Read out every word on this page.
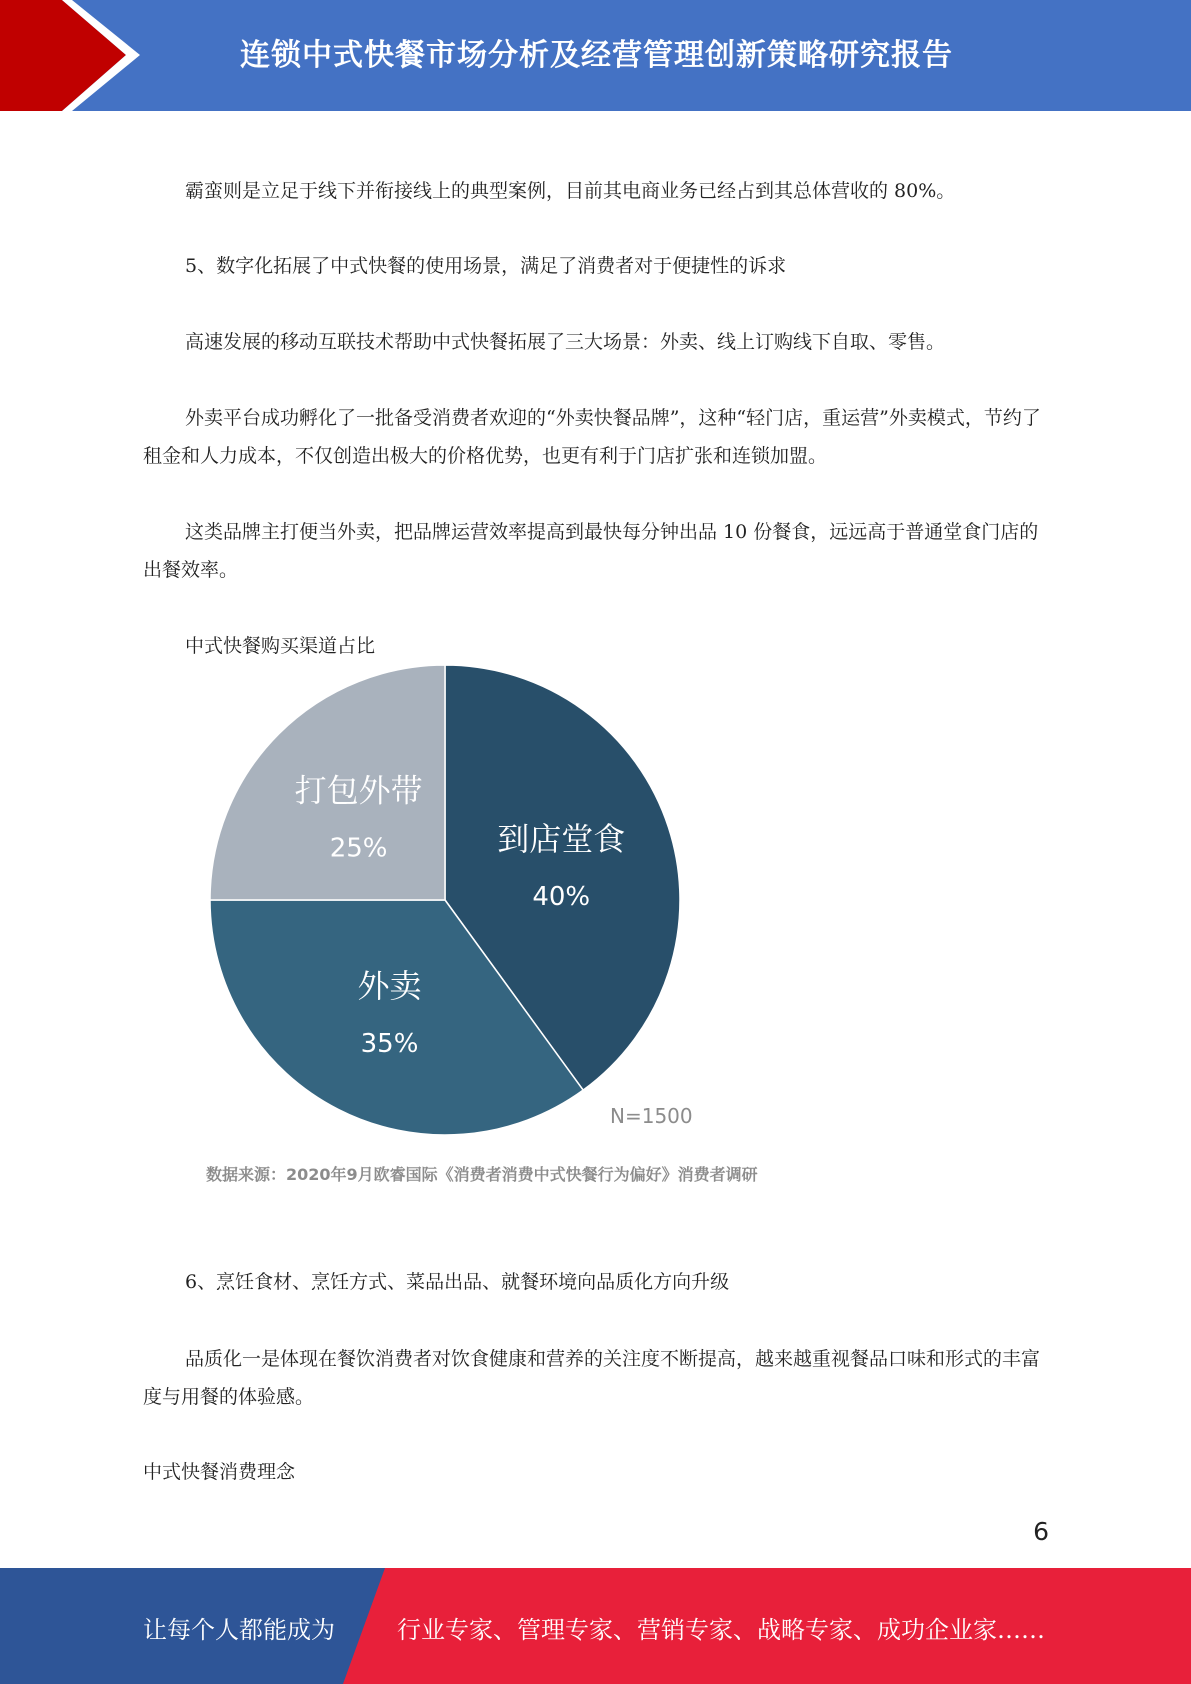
连锁中式快餐市场分析及经营管理创新策略研究报告

霸蛮则是立足于线下并衔接线上的典型案例，目前其电商业务已经占到其总体营收的 80%。

5、数字化拓展了中式快餐的使用场景，满足了消费者对于便捷性的诉求

高速发展的移动互联技术帮助中式快餐拓展了三大场景：外卖、线上订购线下自取、零售。

外卖平台成功孵化了一批备受消费者欢迎的“外卖快餐品牌”，这种“轻门店，重运营”外卖模式，节约了租金和人力成本，不仅创造出极大的价格优势，也更有利于门店扩张和连锁加盟。

这类品牌主打便当外卖，把品牌运营效率提高到最快每分钟出品 10 份餐食，远远高于普通堂食门店的出餐效率。

中式快餐购买渠道占比

到店堂食
40%
外卖
35%
打包外带
25%
N=1500
数据来源：2020年9月欧睿国际《消费者消费中式快餐行为偏好》消费者调研

6、烹饪食材、烹饪方式、菜品出品、就餐环境向品质化方向升级

品质化一是体现在餐饮消费者对饮食健康和营养的关注度不断提高，越来越重视餐品口味和形式的丰富度与用餐的体验感。

中式快餐消费理念

6
让每个人都能成为	行业专家、管理专家、营销专家、战略专家、成功企业家……
